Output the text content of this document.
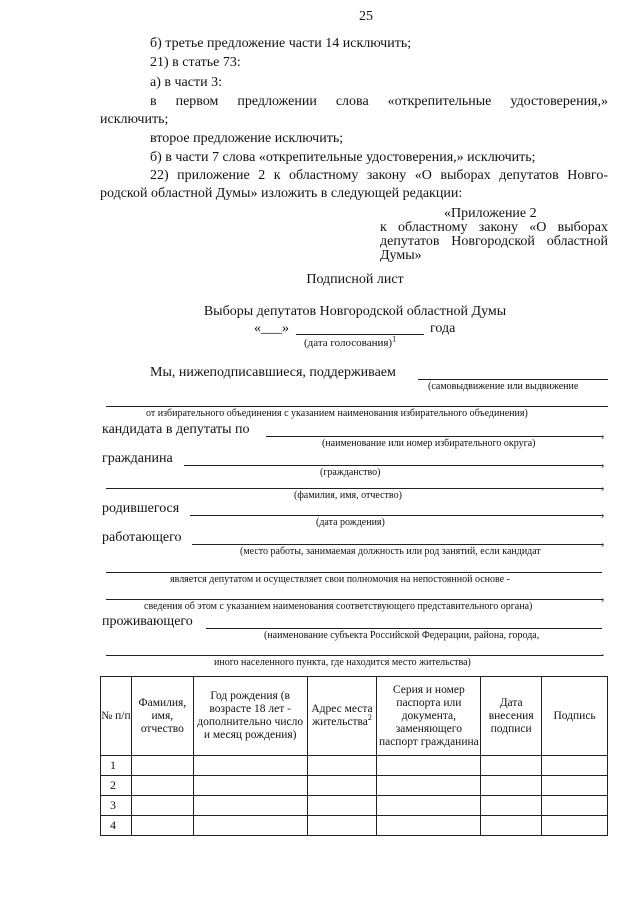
25
б) третье предложение части 14 исключить;
21) в статье 73:
а) в части 3:
в первом предложении слова «открепительные удостоверения,»
исключить;
второе предложение исключить;
б) в части 7 слова «открепительные удостоверения,» исключить;
22) приложение 2 к областному закону «О выборах депутатов Новго-
родской областной Думы» изложить в следующей редакции:
«Приложение 2
к областному закону «О выборах
депутатов Новгородской областной
Думы»
Подписной лист
Выборы депутатов Новгородской областной Думы
«___»	года
(дата голосования)$^1$
Мы, нижеподписавшиеся, поддерживаем
(самовыдвижение или выдвижение
от избирательного объединения с указанием наименования избирательного объединения)
кандидата в депутаты по	,
(наименование или номер избирательного округа)
гражданина	,
(гражданство)
,
(фамилия, имя, отчество)
родившегося	,
(дата рождения)
работающего	,
(место работы, занимаемая должность или род занятий, если кандидат
является депутатом и осуществляет свои полномочия на непостоянной основе -
,
сведения об этом с указанием наименования соответствующего представительного органа)
проживающего
(наименование субъекта Российской Федерации, района, города,
.
иного населенного пункта, где находится место жительства)
№ п/п	Фамилия, имя, отчество	Год рождения (в возрасте 18 лет - дополнительно число и месяц рождения)	Адрес места жительства$^2$	Серия и номер паспорта или документа, заменяющего паспорт гражданина	Дата внесения подписи	Подпись
1						
2						
3						
4						
